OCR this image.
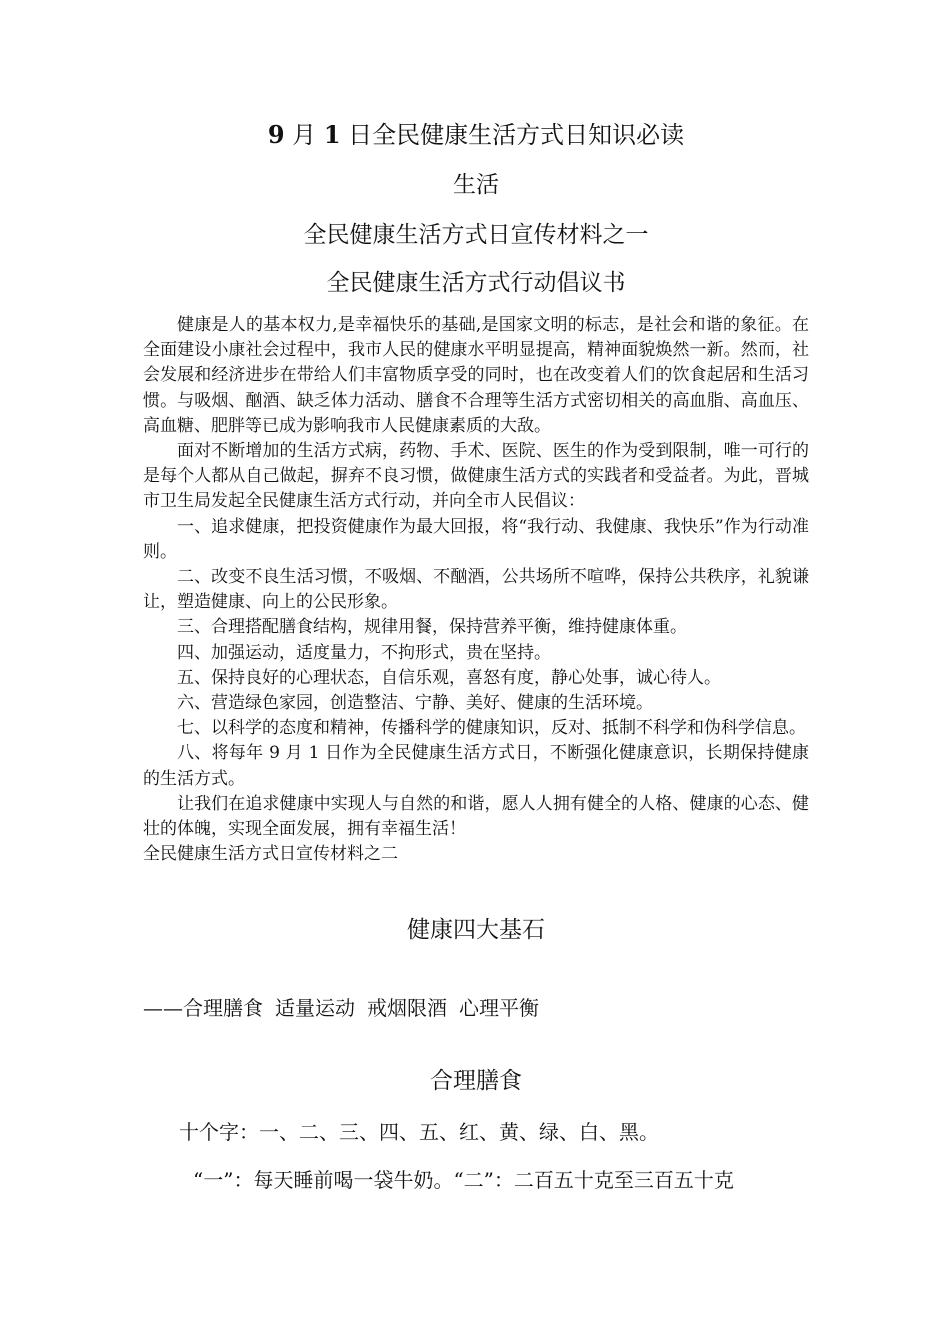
9 月 1 日全民健康生活方式日知识必读
生活
全民健康生活方式日宣传材料之一
全民健康生活方式行动倡议书

健康是人的基本权力,是幸福快乐的基础,是国家文明的标志，是社会和谐的象征。在全面建设小康社会过程中，我市人民的健康水平明显提高，精神面貌焕然一新。然而，社会发展和经济进步在带给人们丰富物质享受的同时，也在改变着人们的饮食起居和生活习惯。与吸烟、酗酒、缺乏体力活动、膳食不合理等生活方式密切相关的高血脂、高血压、高血糖、肥胖等已成为影响我市人民健康素质的大敌。

面对不断增加的生活方式病，药物、手术、医院、医生的作为受到限制，唯一可行的是每个人都从自己做起，摒弃不良习惯，做健康生活方式的实践者和受益者。为此，晋城市卫生局发起全民健康生活方式行动，并向全市人民倡议：

一、追求健康，把投资健康作为最大回报，将“我行动、我健康、我快乐”作为行动准则。

二、改变不良生活习惯，不吸烟、不酗酒，公共场所不喧哗，保持公共秩序，礼貌谦让，塑造健康、向上的公民形象。

三、合理搭配膳食结构，规律用餐，保持营养平衡，维持健康体重。

四、加强运动，适度量力，不拘形式，贵在坚持。

五、保持良好的心理状态，自信乐观，喜怒有度，静心处事，诚心待人。

六、营造绿色家园，创造整洁、宁静、美好、健康的生活环境。

七、以科学的态度和精神，传播科学的健康知识，反对、抵制不科学和伪科学信息。

八、将每年 9 月 1 日作为全民健康生活方式日，不断强化健康意识，长期保持健康的生活方式。

让我们在追求健康中实现人与自然的和谐，愿人人拥有健全的人格、健康的心态、健壮的体魄，实现全面发展，拥有幸福生活！

全民健康生活方式日宣传材料之二

健康四大基石
——合理膳食 适量运动 戒烟限酒 心理平衡
合理膳食
十个字：一、二、三、四、五、红、黄、绿、白、黑。
“一”：每天睡前喝一袋牛奶。“二”：二百五十克至三百五十克
